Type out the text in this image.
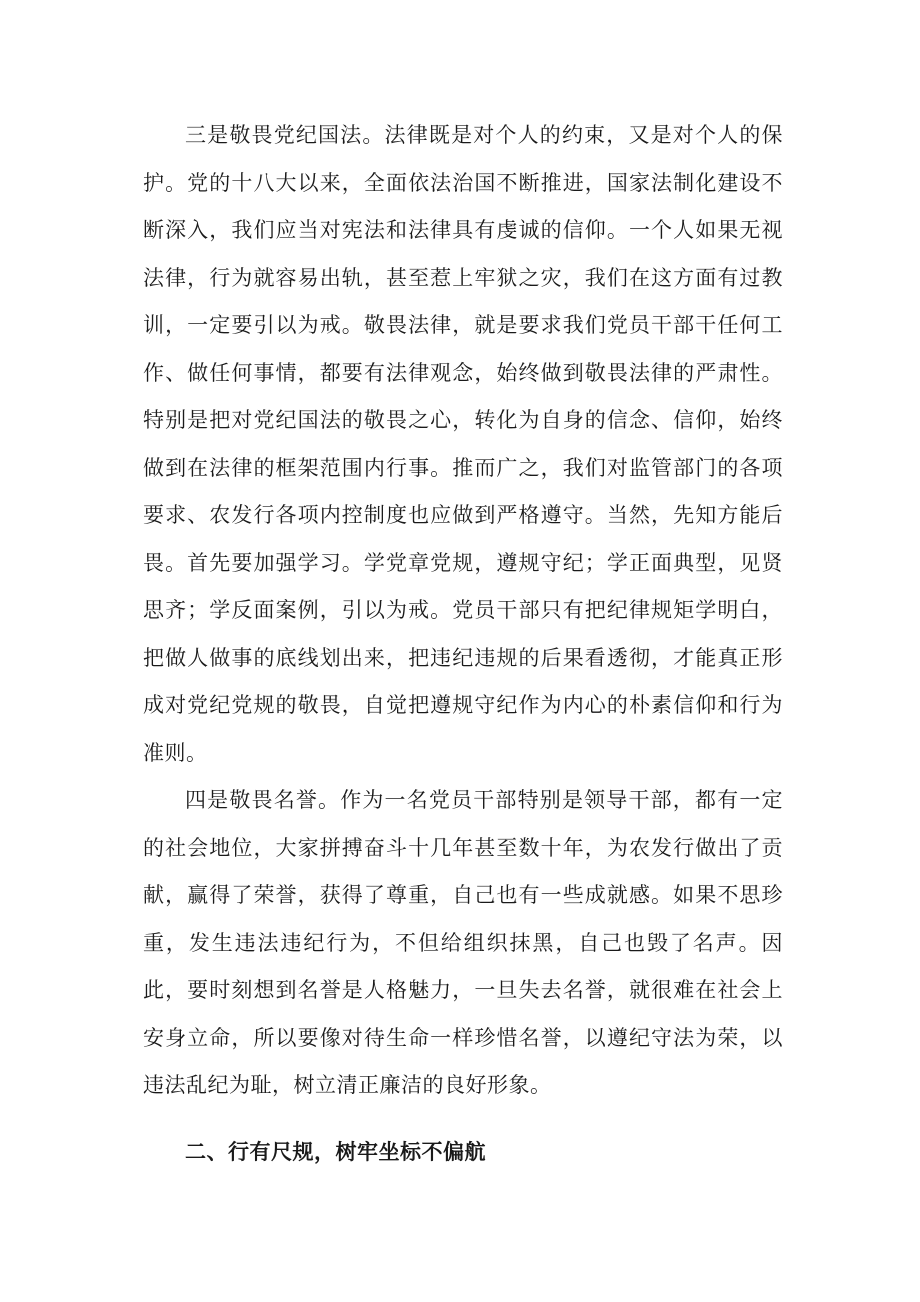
三是敬畏党纪国法。法律既是对个人的约束，又是对个人的保护。党的十八大以来，全面依法治国不断推进，国家法制化建设不断深入，我们应当对宪法和法律具有虔诚的信仰。一个人如果无视法律，行为就容易出轨，甚至惹上牢狱之灾，我们在这方面有过教训，一定要引以为戒。敬畏法律，就是要求我们党员干部干任何工作、做任何事情，都要有法律观念，始终做到敬畏法律的严肃性。特别是把对党纪国法的敬畏之心，转化为自身的信念、信仰，始终做到在法律的框架范围内行事。推而广之，我们对监管部门的各项要求、农发行各项内控制度也应做到严格遵守。当然，先知方能后畏。首先要加强学习。学党章党规，遵规守纪；学正面典型，见贤思齐；学反面案例，引以为戒。党员干部只有把纪律规矩学明白，把做人做事的底线划出来，把违纪违规的后果看透彻，才能真正形成对党纪党规的敬畏，自觉把遵规守纪作为内心的朴素信仰和行为准则。

四是敬畏名誉。作为一名党员干部特别是领导干部，都有一定的社会地位，大家拼搏奋斗十几年甚至数十年，为农发行做出了贡献，赢得了荣誉，获得了尊重，自己也有一些成就感。如果不思珍重，发生违法违纪行为，不但给组织抹黑，自己也毁了名声。因此，要时刻想到名誉是人格魅力，一旦失去名誉，就很难在社会上安身立命，所以要像对待生命一样珍惜名誉，以遵纪守法为荣，以违法乱纪为耻，树立清正廉洁的良好形象。

二、行有尺规，树牢坐标不偏航
